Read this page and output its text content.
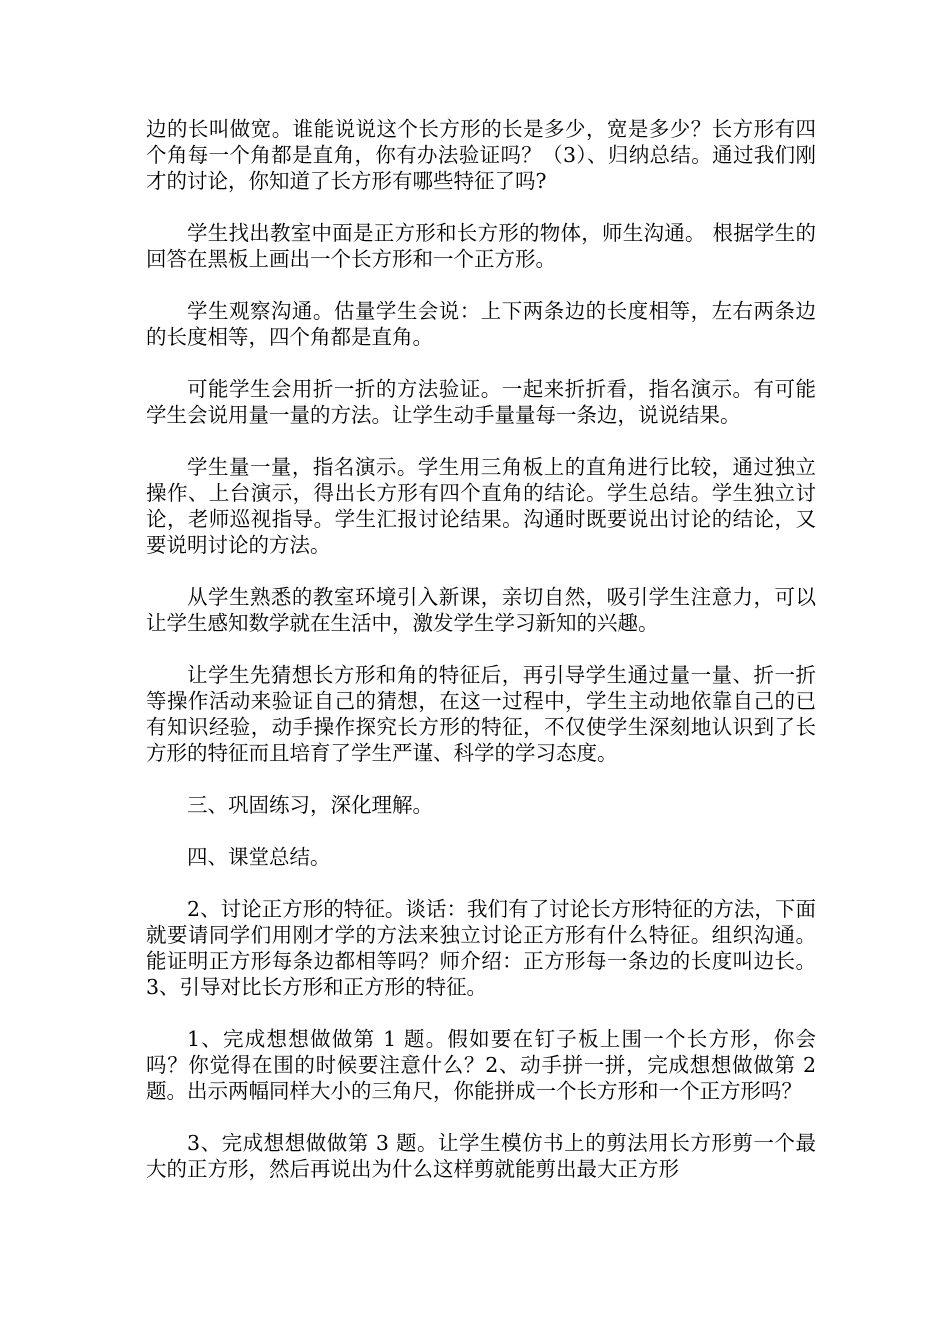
边的长叫做宽。谁能说说这个长方形的长是多少，宽是多少？长方形有四个角每一个角都是直角，你有办法验证吗？（3）、归纳总结。通过我们刚才的讨论，你知道了长方形有哪些特征了吗?

学生找出教室中面是正方形和长方形的物体，师生沟通。 根据学生的回答在黑板上画出一个长方形和一个正方形。

学生观察沟通。估量学生会说：上下两条边的长度相等，左右两条边的长度相等，四个角都是直角。

可能学生会用折一折的方法验证。一起来折折看，指名演示。有可能学生会说用量一量的方法。让学生动手量量每一条边，说说结果。

学生量一量，指名演示。学生用三角板上的直角进行比较，通过独立操作、上台演示，得出长方形有四个直角的结论。学生总结。学生独立讨论，老师巡视指导。学生汇报讨论结果。沟通时既要说出讨论的结论，又要说明讨论的方法。

从学生熟悉的教室环境引入新课，亲切自然，吸引学生注意力，可以让学生感知数学就在生活中，激发学生学习新知的兴趣。

让学生先猜想长方形和角的特征后，再引导学生通过量一量、折一折等操作活动来验证自己的猜想，在这一过程中，学生主动地依靠自己的已有知识经验，动手操作探究长方形的特征，不仅使学生深刻地认识到了长方形的特征而且培育了学生严谨、科学的学习态度。

三、巩固练习，深化理解。

四、课堂总结。

2、讨论正方形的特征。谈话：我们有了讨论长方形特征的方法，下面就要请同学们用刚才学的方法来独立讨论正方形有什么特征。组织沟通。能证明正方形每条边都相等吗？师介绍：正方形每一条边的长度叫边长。3、引导对比长方形和正方形的特征。

1、完成想想做做第 1 题。假如要在钉子板上围一个长方形，你会吗？你觉得在围的时候要注意什么？2、动手拼一拼，完成想想做做第 2 题。出示两幅同样大小的三角尺，你能拼成一个长方形和一个正方形吗？

3、完成想想做做第 3 题。让学生模仿书上的剪法用长方形剪一个最大的正方形，然后再说出为什么这样剪就能剪出最大正方形
